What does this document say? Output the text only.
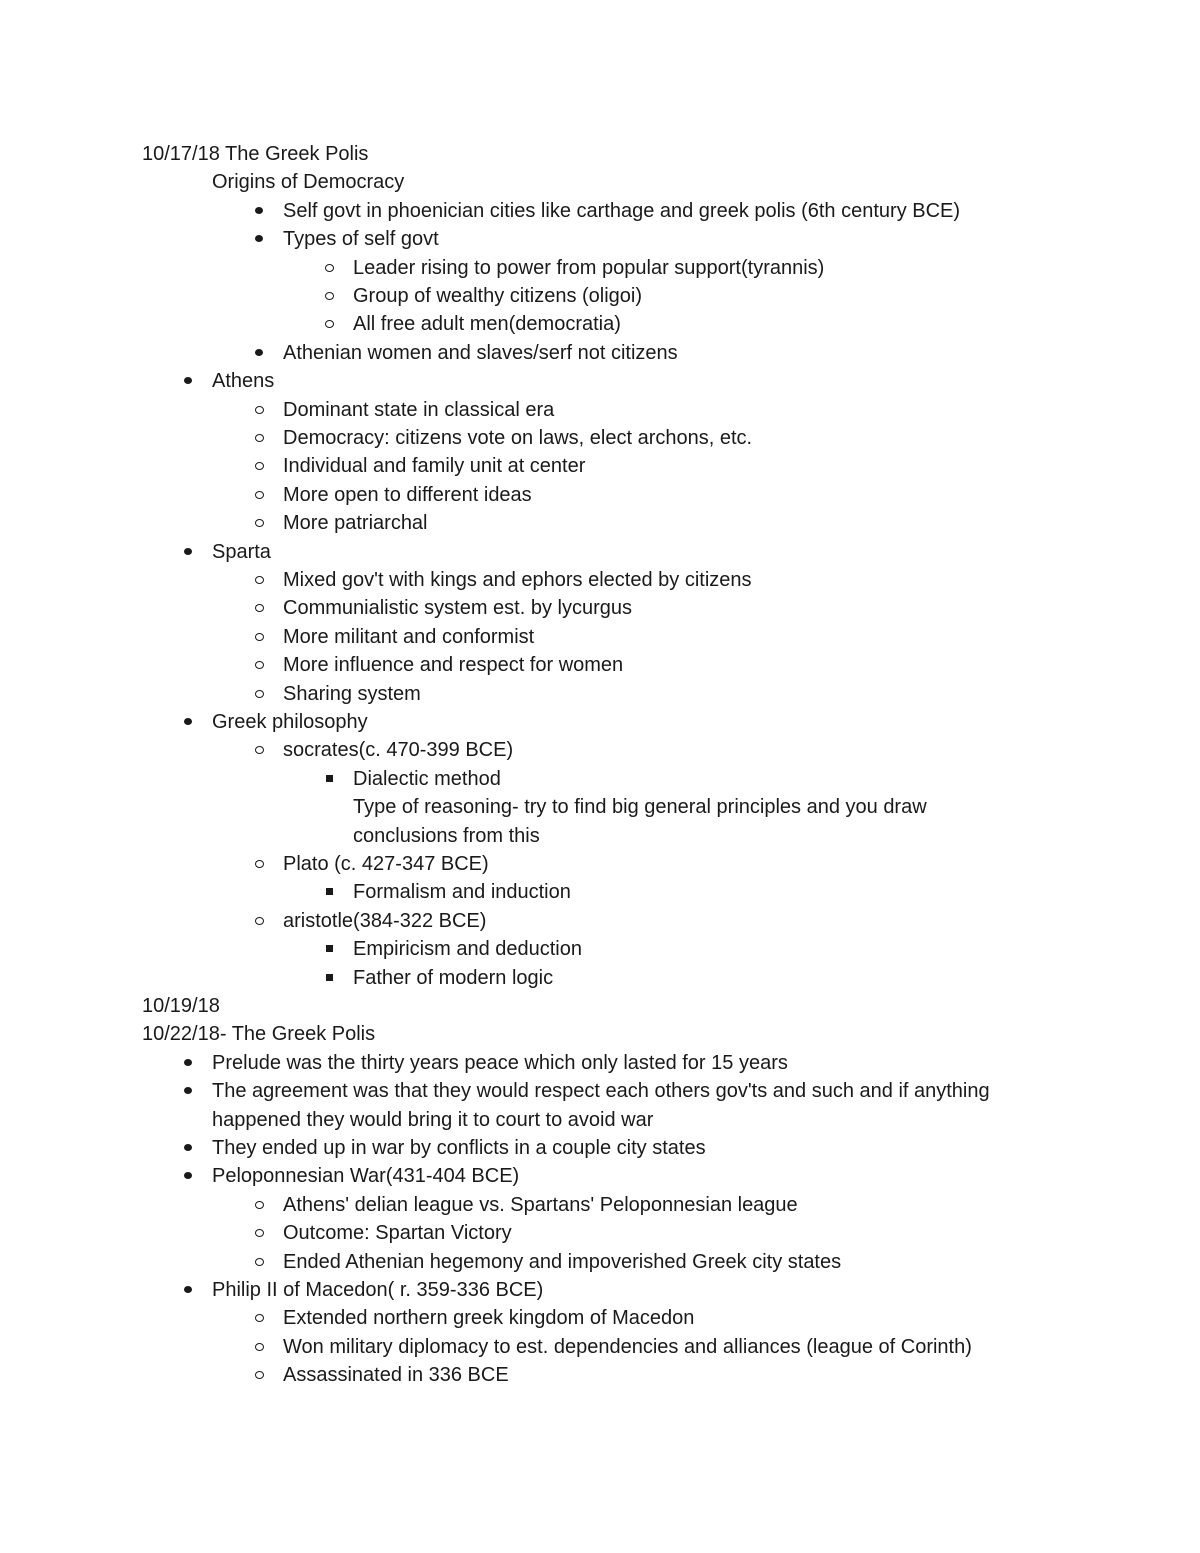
10/17/18 The Greek Polis
Origins of Democracy
Self govt in phoenician cities like carthage and greek polis (6th century BCE)
Types of self govt
Leader rising to power from popular support(tyrannis)
Group of wealthy citizens (oligoi)
All free adult men(democratia)
Athenian women and slaves/serf not citizens
Athens
Dominant state in classical era
Democracy: citizens vote on laws, elect archons, etc.
Individual and family unit at center
More open to different ideas
More patriarchal
Sparta
Mixed gov't with kings and ephors elected by citizens
Communialistic system est. by lycurgus
More militant and conformist
More influence and respect for women
Sharing system
Greek philosophy
socrates(c. 470-399 BCE)
Dialectic method
Type of reasoning- try to find big general principles and you draw
conclusions from this
Plato (c. 427-347 BCE)
Formalism and induction
aristotle(384-322 BCE)
Empiricism and deduction
Father of modern logic
10/19/18
10/22/18- The Greek Polis
Prelude was the thirty years peace which only lasted for 15 years
The agreement was that they would respect each others gov'ts and such and if anything
happened they would bring it to court to avoid war
They ended up in war by conflicts in a couple city states
Peloponnesian War(431-404 BCE)
Athens' delian league vs. Spartans' Peloponnesian league
Outcome: Spartan Victory
Ended Athenian hegemony and impoverished Greek city states
Philip II of Macedon( r. 359-336 BCE)
Extended northern greek kingdom of Macedon
Won military diplomacy to est. dependencies and alliances (league of Corinth)
Assassinated in 336 BCE
